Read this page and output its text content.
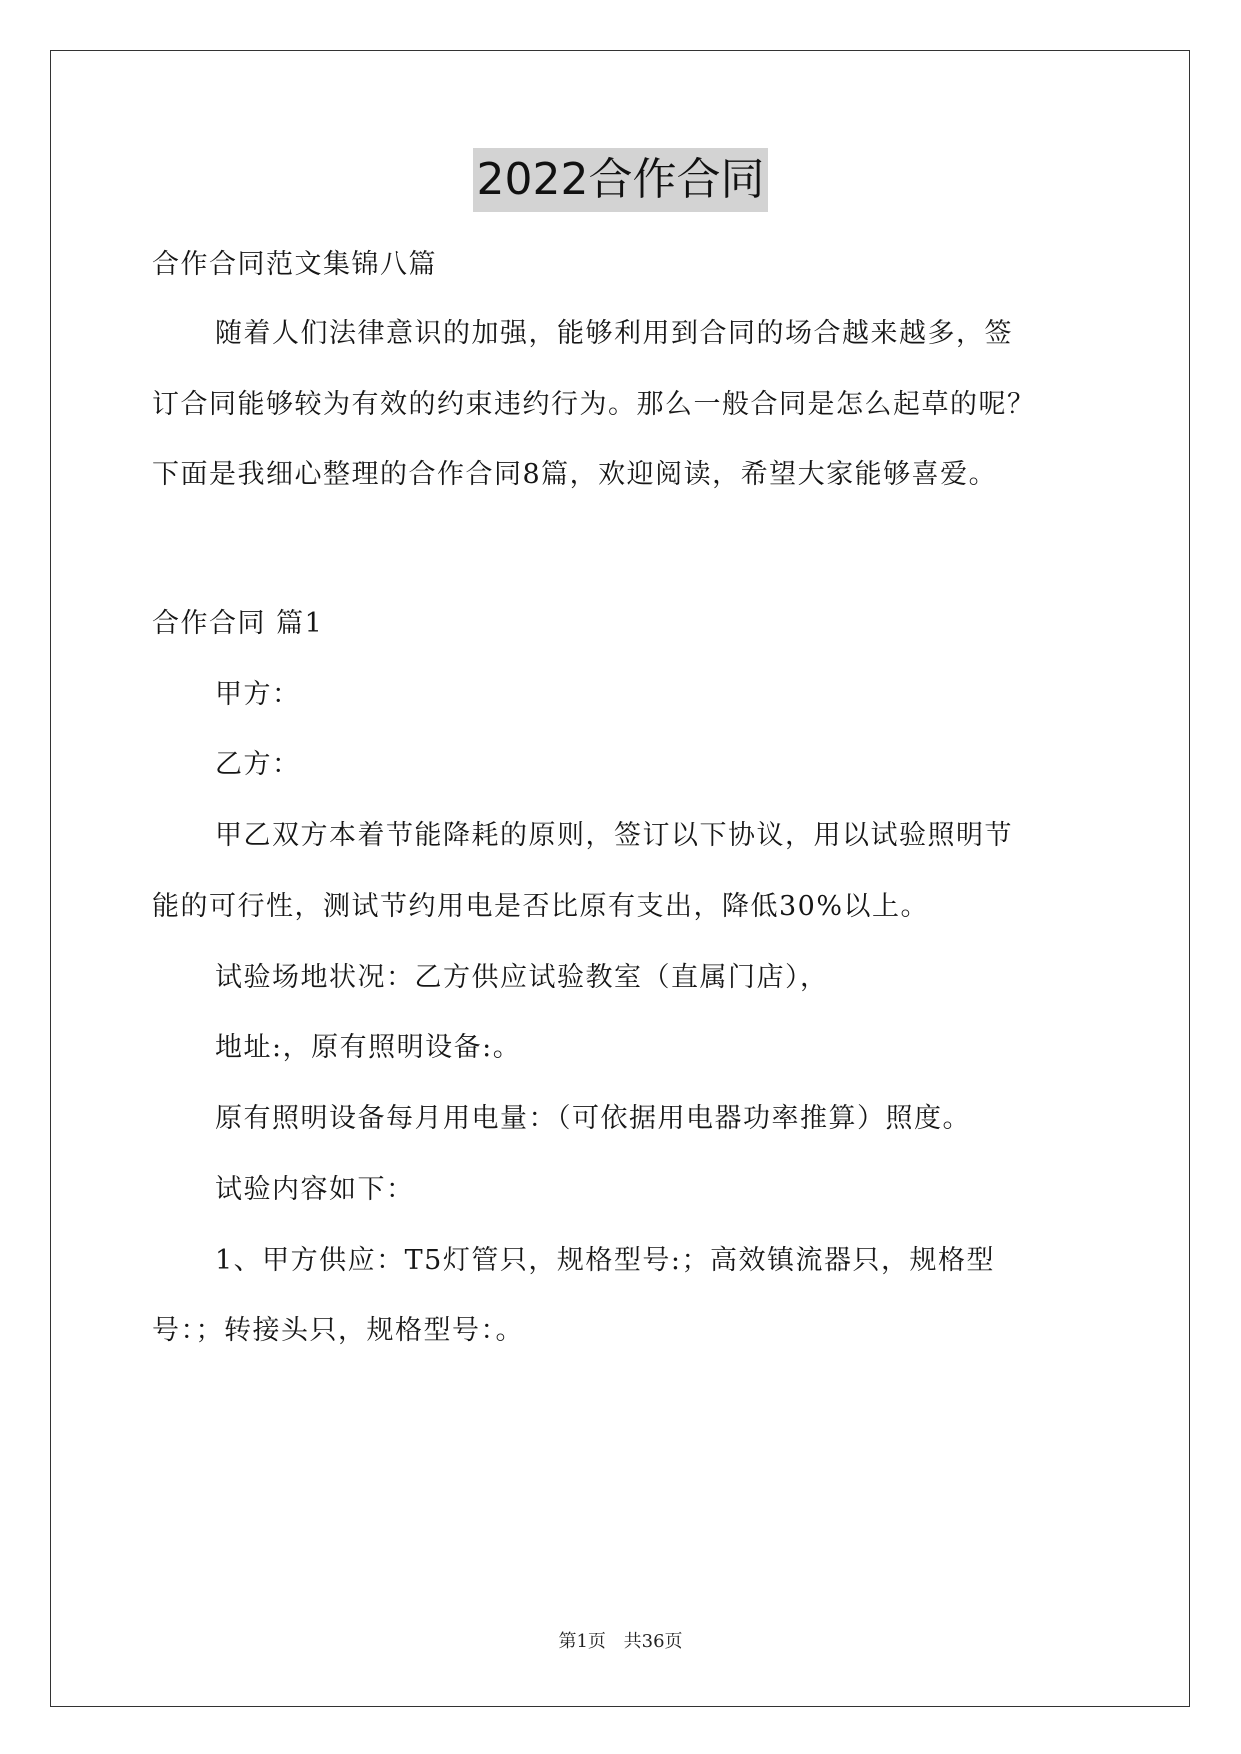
2022合作合同
合作合同范文集锦八篇
随着人们法律意识的加强，能够利用到合同的场合越来越多，签
订合同能够较为有效的约束违约行为。那么一般合同是怎么起草的呢？
下面是我细心整理的合作合同8篇，欢迎阅读，希望大家能够喜爱。
合作合同 篇1
甲方：
乙方：
甲乙双方本着节能降耗的原则，签订以下协议，用以试验照明节
能的可行性，测试节约用电是否比原有支出，降低30%以上。
试验场地状况：乙方供应试验教室（直属门店），
地址:，原有照明设备:。
原有照明设备每月用电量：（可依据用电器功率推算）照度。
试验内容如下：
1、甲方供应：T5灯管只，规格型号:；高效镇流器只，规格型
号：；转接头只，规格型号：。
第1页 共36页
